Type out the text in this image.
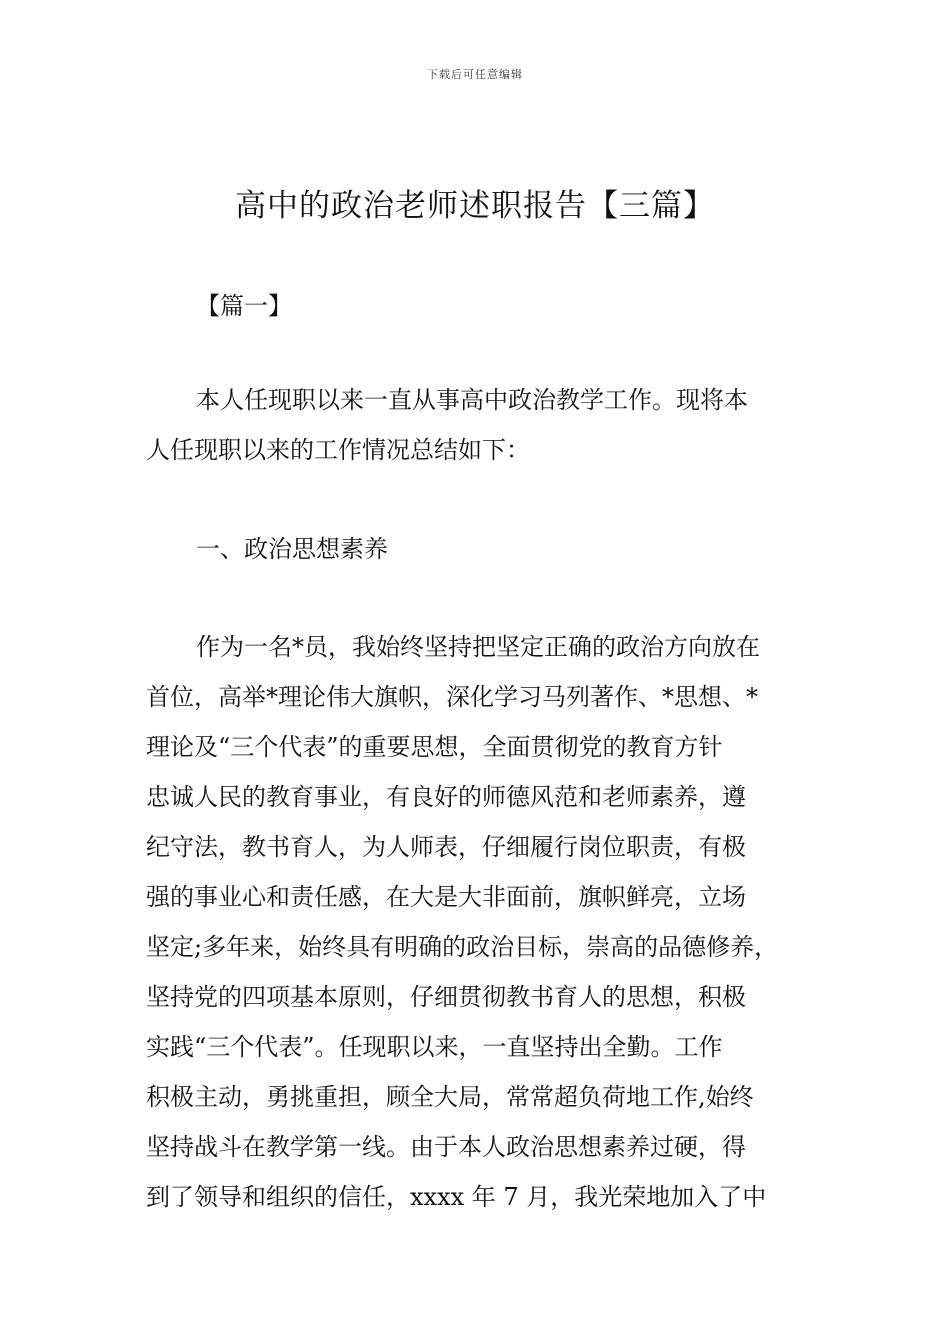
下载后可任意编辑
高中的政治老师述职报告【三篇】
【篇一】
本人任现职以来一直从事高中政治教学工作。现将本
人任现职以来的工作情况总结如下：
一、政治思想素养
作为一名*员，我始终坚持把坚定正确的政治方向放在
首位，高举*理论伟大旗帜，深化学习马列著作、*思想、*
理论及“三个代表”的重要思想，全面贯彻党的教育方针
忠诚人民的教育事业，有良好的师德风范和老师素养，遵
纪守法，教书育人，为人师表，仔细履行岗位职责，有极
强的事业心和责任感，在大是大非面前，旗帜鲜亮，立场
坚定;多年来，始终具有明确的政治目标，崇高的品德修养，
坚持党的四项基本原则，仔细贯彻教书育人的思想，积极
实践“三个代表”。任现职以来，一直坚持出全勤。工作
积极主动，勇挑重担，顾全大局，常常超负荷地工作,始终
坚持战斗在教学第一线。由于本人政治思想素养过硬，得
到了领导和组织的信任，xxxx 年 7 月，我光荣地加入了中
